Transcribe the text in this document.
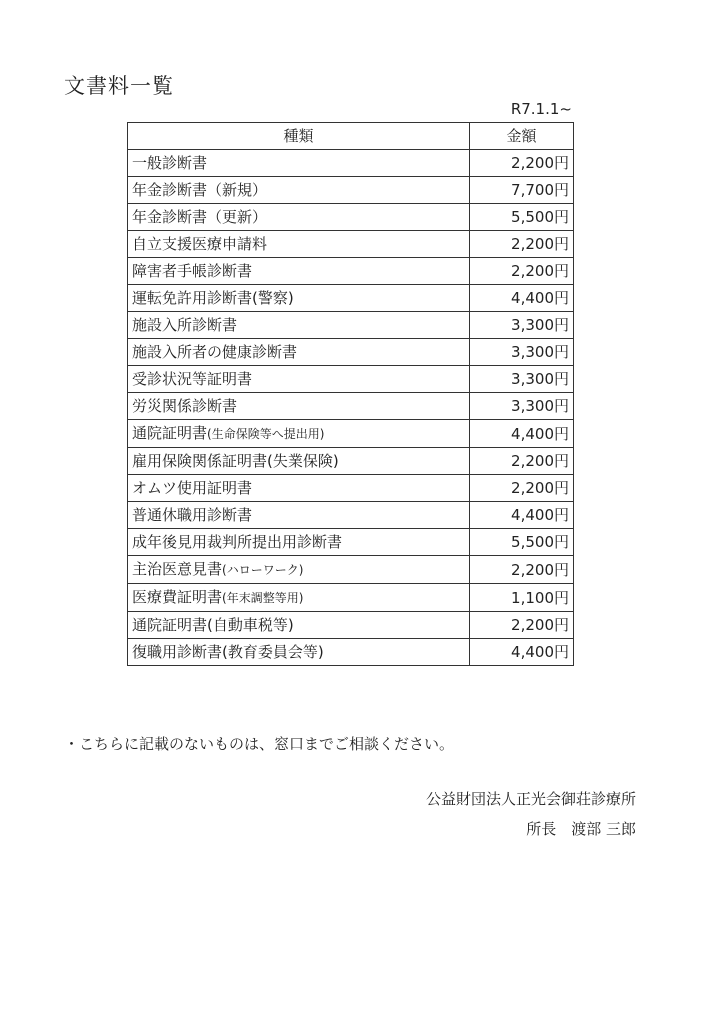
文書料一覧
R7.1.1~
種類	金額
一般診断書	2,200円
年金診断書（新規）	7,700円
年金診断書（更新）	5,500円
自立支援医療申請料	2,200円
障害者手帳診断書	2,200円
運転免許用診断書(警察)	4,400円
施設入所診断書	3,300円
施設入所者の健康診断書	3,300円
受診状況等証明書	3,300円
労災関係診断書	3,300円
通院証明書(生命保険等へ提出用)	4,400円
雇用保険関係証明書(失業保険)	2,200円
オムツ使用証明書	2,200円
普通休職用診断書	4,400円
成年後見用裁判所提出用診断書	5,500円
主治医意見書(ハローワーク)	2,200円
医療費証明書(年末調整等用)	1,100円
通院証明書(自動車税等)	2,200円
復職用診断書(教育委員会等)	4,400円
・こちらに記載のないものは、窓口までご相談ください。
公益財団法人正光会御荘診療所
所長　渡部 三郎
